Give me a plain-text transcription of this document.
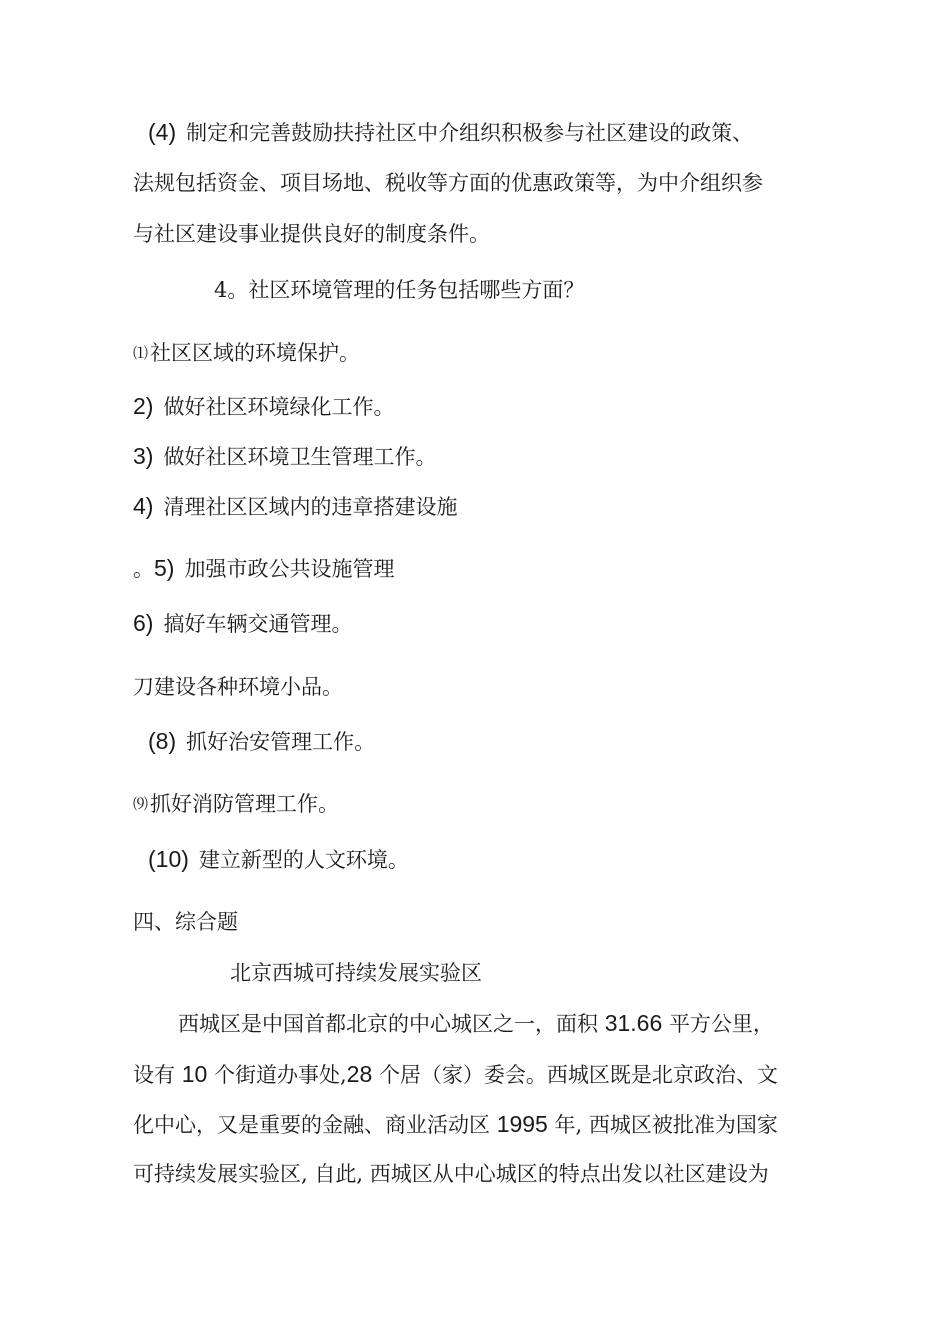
(4) 制定和完善鼓励扶持社区中介组织积极参与社区建设的政策、
法规包括资金、项目场地、税收等方面的优惠政策等，为中介组织参
与社区建设事业提供良好的制度条件。
4。社区环境管理的任务包括哪些方面？
⑴社区区域的环境保护。
2) 做好社区环境绿化工作。
3) 做好社区环境卫生管理工作。
4) 清理社区区域内的违章搭建设施
。5) 加强市政公共设施管理
6) 搞好车辆交通管理。
刀建设各种环境小品。
(8) 抓好治安管理工作。
⑼抓好消防管理工作。
(10) 建立新型的人文环境。
四、综合题
北京西城可持续发展实验区
西城区是中国首都北京的中心城区之一，面积 31.66 平方公里，
设有 10 个街道办事处,28 个居（家）委会。西城区既是北京政治、文
化中心，又是重要的金融、商业活动区 1995 年, 西城区被批准为国家
可持续发展实验区, 自此, 西城区从中心城区的特点出发以社区建设为
